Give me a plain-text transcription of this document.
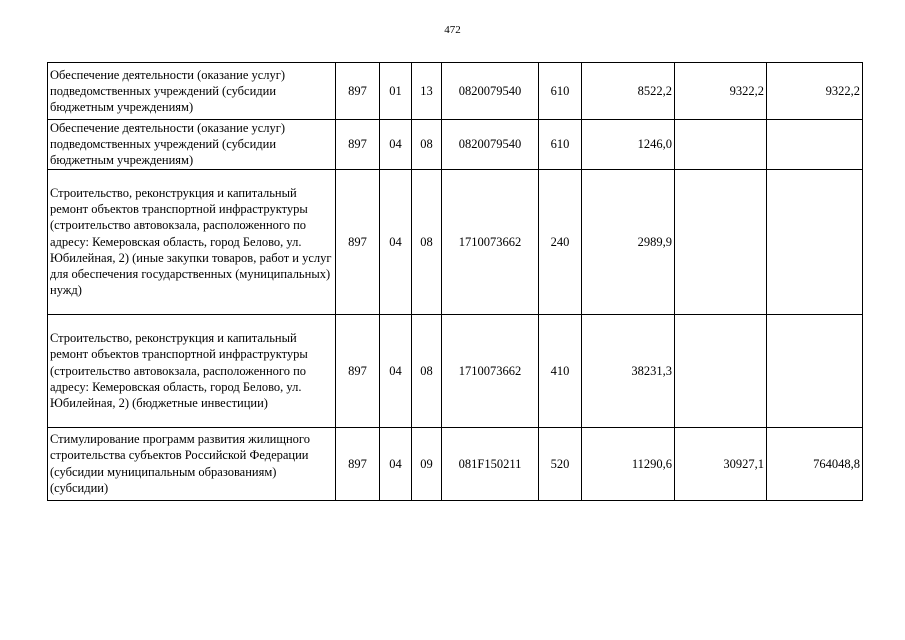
472
Обеспечение деятельности (оказание услуг) подведомственных учреждений (субсидии бюджетным учреждениям)	897	01	13	0820079540	610	8522,2	9322,2	9322,2
Обеспечение деятельности (оказание услуг) подведомственных учреждений (субсидии бюджетным учреждениям)	897	04	08	0820079540	610	1246,0		
Строительство, реконструкция и капитальный ремонт объектов транспортной инфраструктуры (строительство автовокзала, расположенного по адресу: Кемеровская область, город Белово, ул. Юбилейная, 2) (иные закупки товаров, работ и услуг для обеспечения государственных (муниципальных) нужд)	897	04	08	1710073662	240	2989,9		
Строительство, реконструкция и капитальный ремонт объектов транспортной инфраструктуры (строительство автовокзала, расположенного по адресу: Кемеровская область, город Белово, ул. Юбилейная, 2) (бюджетные инвестиции)	897	04	08	1710073662	410	38231,3		
Стимулирование программ развития жилищного строительства субъектов Российской Федерации (субсидии муниципальным образованиям) (субсидии)	897	04	09	081F150211	520	11290,6	30927,1	764048,8
